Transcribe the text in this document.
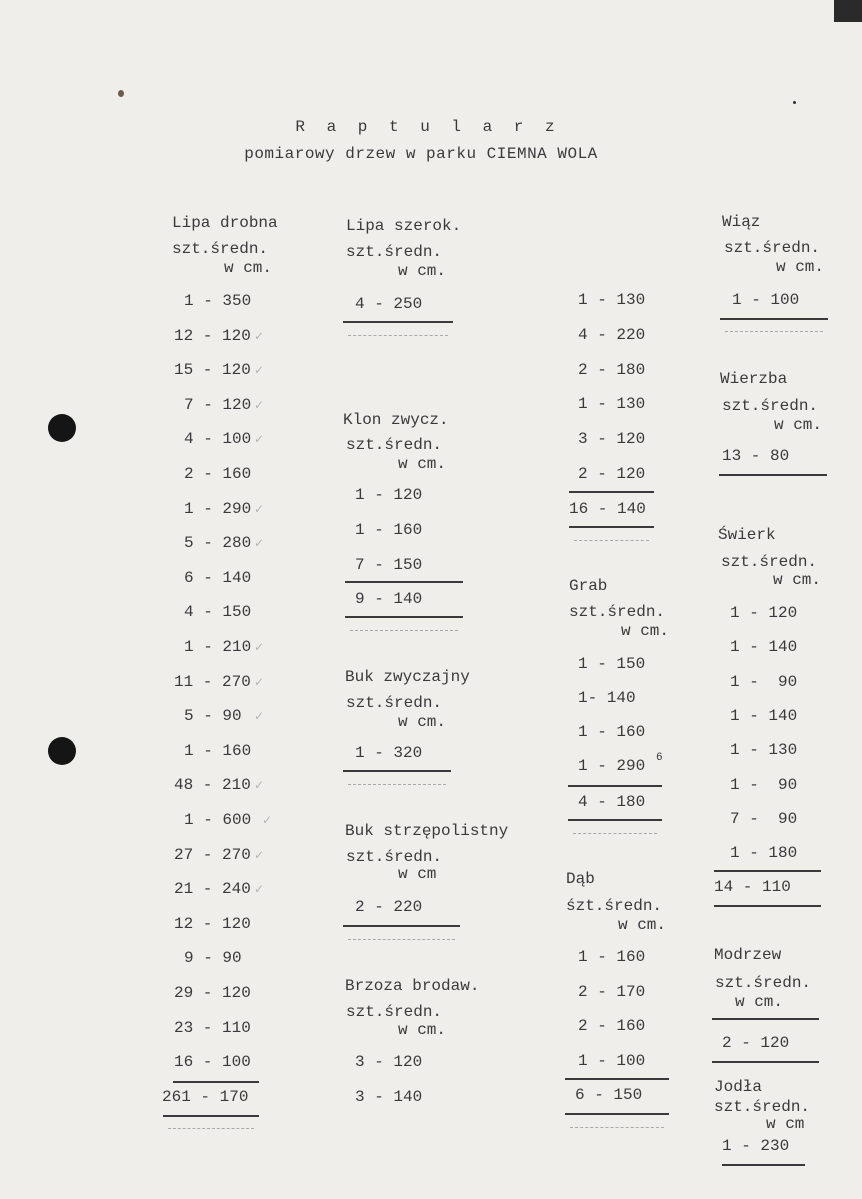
R a p t u l a r z
pomiarowy drzew w parku CIEMNA WOLA
Lipa drobna
szt.średn.
w cm.
1 - 350
12 - 120
15 - 120
7 - 120
4 - 100
2 - 160
1 - 290
5 - 280
6 - 140
4 - 150
1 - 210
11 - 270
5 - 90
1 - 160
48 - 210
1 - 600
27 - 270
21 - 240
12 - 120
9 - 90
29 - 120
23 - 110
16 - 100
✓
✓
✓
✓
✓
✓
✓
✓
✓
✓
✓
✓
✓
261 - 170
Lipa szerok.
szt.średn.
w cm.
4 - 250
Klon zwycz.
szt.średn.
w cm.
1 - 120
1 - 160
7 - 150
9 - 140
Buk zwyczajny
szt.średn.
w cm.
1 - 320
Buk strzępolistny
szt.średn.
w cm
2 - 220
Brzoza brodaw.
szt.średn.
w cm.
3 - 120
3 - 140
1 - 130
4 - 220
2 - 180
1 - 130
3 - 120
2 - 120
16 - 140
Grab
szt.średn.
w cm.
1 - 150
1- 140
1 - 160
1 - 290 6
4 - 180
Dąb
śzt.średn.
w cm.
1 - 160
2 - 170
2 - 160
1 - 100
6 - 150
Wiąz
szt.średn.
w cm.
1 - 100
Wierzba
szt.średn.
w cm.
13 - 80
Świerk
szt.średn.
w cm.
1 - 120
1 - 140
1 -  90
1 - 140
1 - 130
1 -  90
7 -  90
1 - 180
14 - 110
Modrzew
szt.średn.
w cm.
2 - 120
Jodła
szt.średn.
w cm
1 - 230
